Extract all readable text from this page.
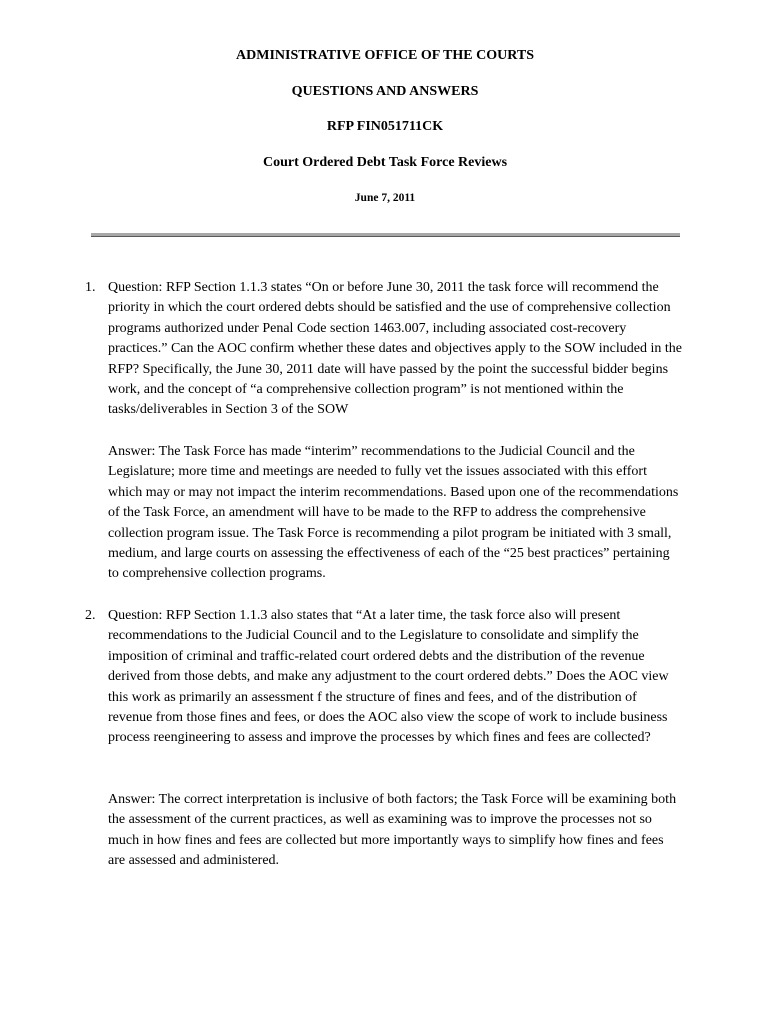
ADMINISTRATIVE OFFICE OF THE COURTS
QUESTIONS AND ANSWERS
RFP FIN051711CK
Court Ordered Debt Task Force Reviews
June 7, 2011
1. Question: RFP Section 1.1.3 states “On or before June 30, 2011 the task force will recommend the priority in which the court ordered debts should be satisfied and the use of comprehensive collection programs authorized under Penal Code section 1463.007, including associated cost-recovery practices.” Can the AOC confirm whether these dates and objectives apply to the SOW included in the RFP? Specifically, the June 30, 2011 date will have passed by the point the successful bidder begins work, and the concept of “a comprehensive collection program” is not mentioned within the tasks/deliverables in Section 3 of the SOW

Answer: The Task Force has made “interim” recommendations to the Judicial Council and the Legislature; more time and meetings are needed to fully vet the issues associated with this effort which may or may not impact the interim recommendations. Based upon one of the recommendations of the Task Force, an amendment will have to be made to the RFP to address the comprehensive collection program issue. The Task Force is recommending a pilot program be initiated with 3 small, medium, and large courts on assessing the effectiveness of each of the “25 best practices” pertaining to comprehensive collection programs.

2. Question: RFP Section 1.1.3 also states that “At a later time, the task force also will present recommendations to the Judicial Council and to the Legislature to consolidate and simplify the imposition of criminal and traffic-related court ordered debts and the distribution of the revenue derived from those debts, and make any adjustment to the court ordered debts.” Does the AOC view this work as primarily an assessment f the structure of fines and fees, and of the distribution of revenue from those fines and fees, or does the AOC also view the scope of work to include business process reengineering to assess and improve the processes by which fines and fees are collected?

Answer: The correct interpretation is inclusive of both factors; the Task Force will be examining both the assessment of the current practices, as well as examining was to improve the processes not so much in how fines and fees are collected but more importantly ways to simplify how fines and fees are assessed and administered.
